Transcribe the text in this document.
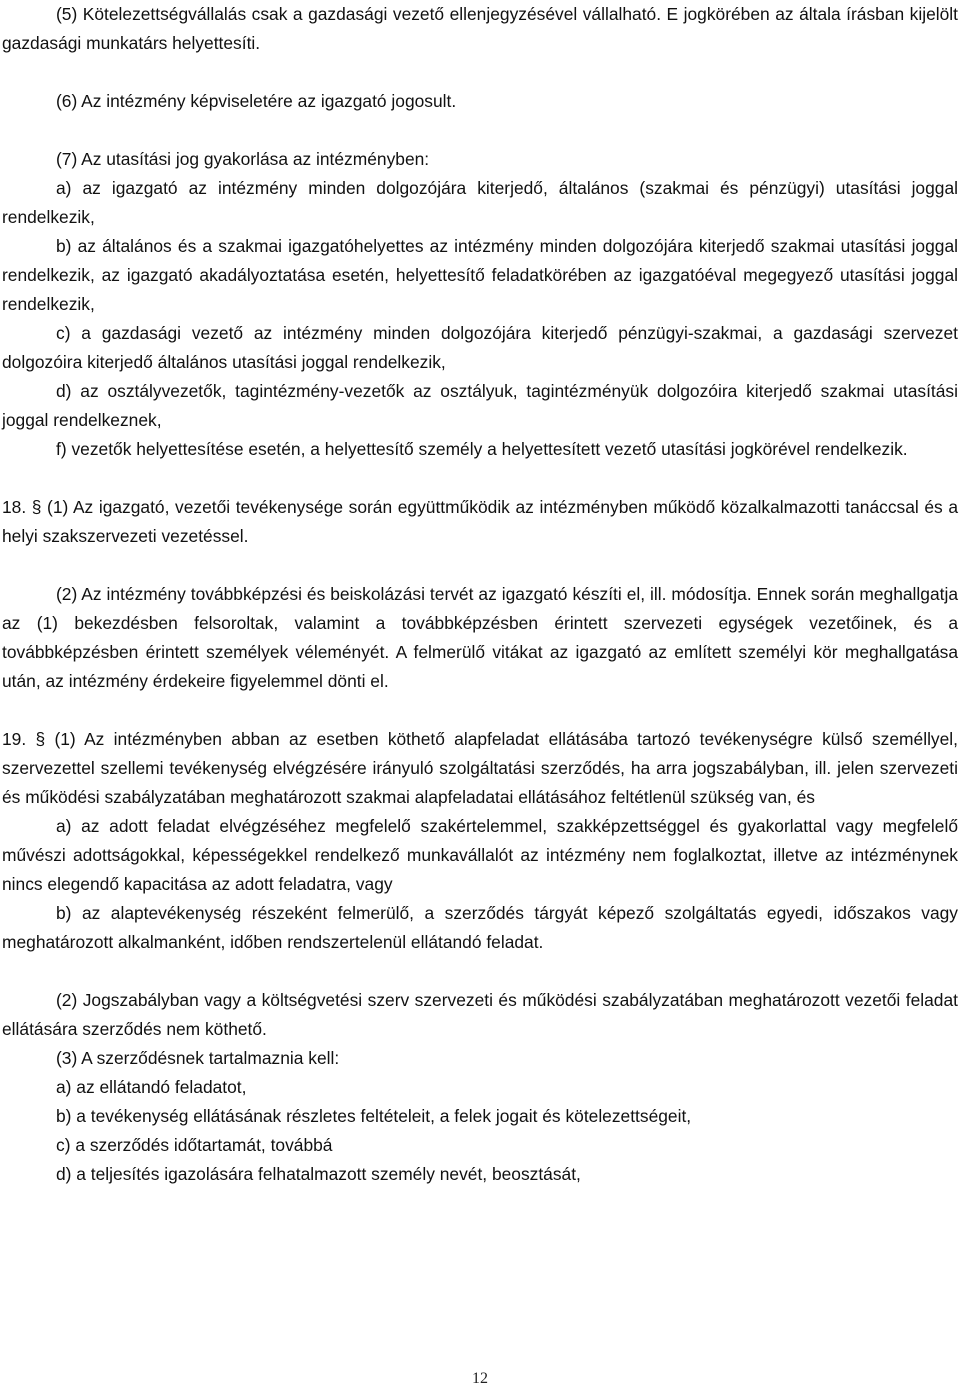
(5) Kötelezettségvállalás csak a gazdasági vezető ellenjegyzésével vállalható. E jogkörében az általa írásban kijelölt gazdasági munkatárs helyettesíti.

(6) Az intézmény képviseletére az igazgató jogosult.

(7) Az utasítási jog gyakorlása az intézményben:

a) az igazgató az intézmény minden dolgozójára kiterjedő, általános (szakmai és pénzügyi) utasítási joggal rendelkezik,

b) az általános és a szakmai igazgatóhelyettes az intézmény minden dolgozójára kiterjedő szakmai utasítási joggal rendelkezik, az igazgató akadályoztatása esetén, helyettesítő feladatkörében az igazgatóéval megegyező utasítási joggal rendelkezik,

c) a gazdasági vezető az intézmény minden dolgozójára kiterjedő pénzügyi-szakmai, a gazdasági szervezet dolgozóira kiterjedő általános utasítási joggal rendelkezik,

d) az osztályvezetők, tagintézmény-vezetők az osztályuk, tagintézményük dolgozóira kiterjedő szakmai utasítási joggal rendelkeznek,

f) vezetők helyettesítése esetén, a helyettesítő személy a helyettesített vezető utasítási jogkörével rendelkezik.

18. § (1) Az igazgató, vezetői tevékenysége során együttműködik az intézményben működő közalkalmazotti tanáccsal és a helyi szakszervezeti vezetéssel.

(2) Az intézmény továbbképzési és beiskolázási tervét az igazgató készíti el, ill. módosítja. Ennek során meghallgatja az (1) bekezdésben felsoroltak, valamint a továbbképzésben érintett szervezeti egységek vezetőinek, és a továbbképzésben érintett személyek véleményét. A felmerülő vitákat az igazgató az említett személyi kör meghallgatása után, az intézmény érdekeire figyelemmel dönti el.

19. § (1) Az intézményben abban az esetben köthető alapfeladat ellátásába tartozó tevékenységre külső személlyel, szervezettel szellemi tevékenység elvégzésére irányuló szolgáltatási szerződés, ha arra jogszabályban, ill. jelen szervezeti és működési szabályzatában meghatározott szakmai alapfeladatai ellátásához feltétlenül szükség van, és

a) az adott feladat elvégzéséhez megfelelő szakértelemmel, szakképzettséggel és gyakorlattal vagy megfelelő művészi adottságokkal, képességekkel rendelkező munkavállalót az intézmény nem foglalkoztat, illetve az intézménynek nincs elegendő kapacitása az adott feladatra, vagy

b) az alaptevékenység részeként felmerülő, a szerződés tárgyát képező szolgáltatás egyedi, időszakos vagy meghatározott alkalmanként, időben rendszertelenül ellátandó feladat.

(2) Jogszabályban vagy a költségvetési szerv szervezeti és működési szabályzatában meghatározott vezetői feladat ellátására szerződés nem köthető.

(3) A szerződésnek tartalmaznia kell:

a) az ellátandó feladatot,

b) a tevékenység ellátásának részletes feltételeit, a felek jogait és kötelezettségeit,

c) a szerződés időtartamát, továbbá

d) a teljesítés igazolására felhatalmazott személy nevét, beosztását,

12
